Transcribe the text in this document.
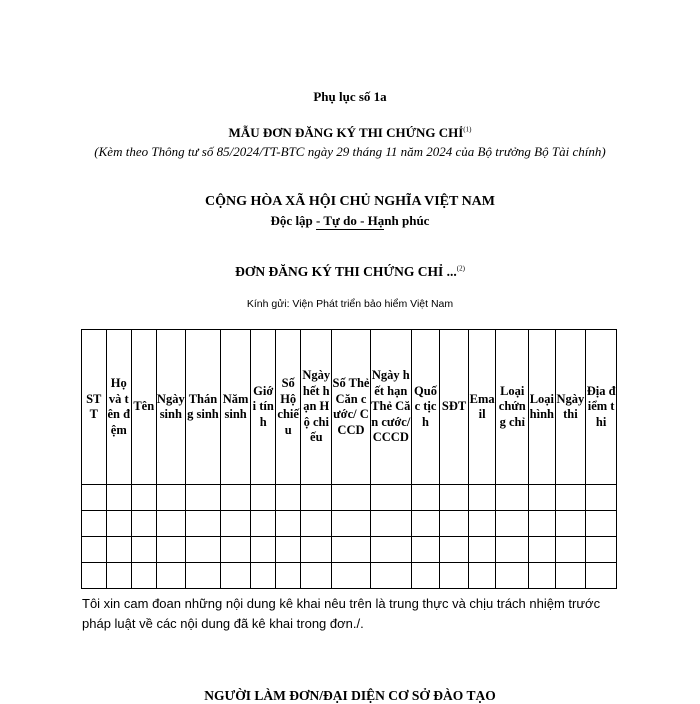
Phụ lục số 1a
MẪU ĐƠN ĐĂNG KÝ THI CHỨNG CHỈ$^{(1)}$
(Kèm theo Thông tư số 85/2024/TT-BTC ngày 29 tháng 11 năm 2024 của Bộ trưởng Bộ Tài chính)
CỘNG HÒA XÃ HỘI CHỦ NGHĨA VIỆT NAM
Độc lập - Tự do - Hạnh phúc
ĐƠN ĐĂNG KÝ THI CHỨNG CHỈ ...$^{(2)}$
Kính gửi: Viện Phát triển bảo hiểm Việt Nam
STT	Họ và tên đệm	Tên	Ngày sinh	Tháng sinh	Năm sinh	Giới tính	Số Hộ chiếu	Ngày hết hạn Hộ chiếu	Số Thẻ Căn cước/ CCCD	Ngày hết hạn Thẻ Căn cước/ CCCD	Quốc tịch	SĐT	Email	Loại chứng chỉ	Loại hình	Ngày thi	Địa điểm thi

Tôi xin cam đoan những nội dung kê khai nêu trên là trung thực và chịu trách nhiệm trước pháp luật về các nội dung đã kê khai trong đơn./.
NGƯỜI LÀM ĐƠN/ĐẠI DIỆN CƠ SỞ ĐÀO TẠO
